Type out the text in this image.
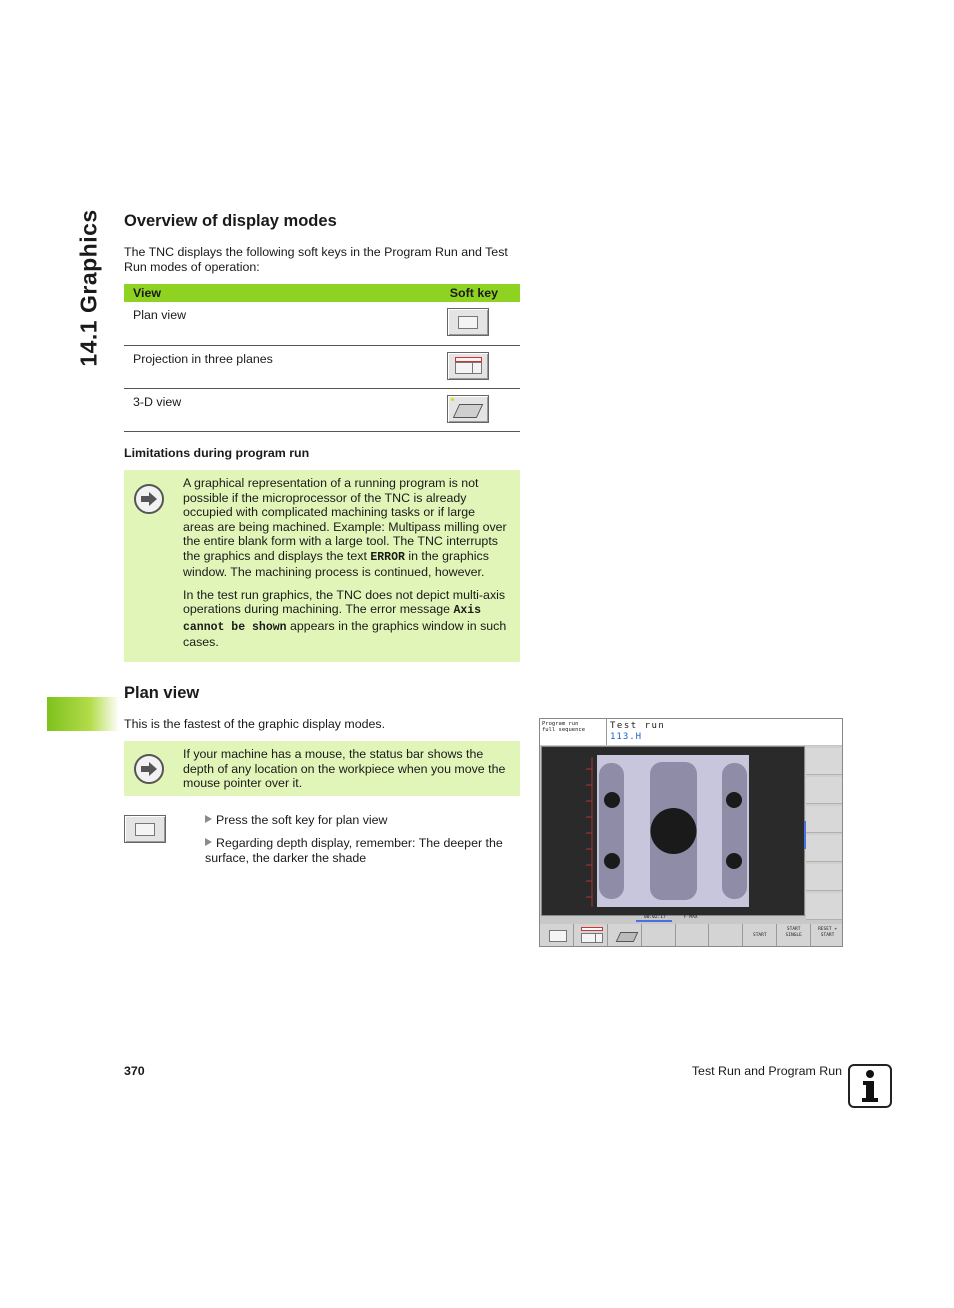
14.1 Graphics Overview of display modes
The TNC displays the following soft keys in the Program Run and Test Run modes of operation:
View	Soft key
Plan view	

Projection in three planes	

3-D view	
Limitations during program run

A graphical representation of a running program is not possible if the microprocessor of the TNC is already occupied with complicated machining tasks or if large areas are being machined. Example: Multipass milling over the entire blank form with a large tool. The TNC interrupts the graphics and displays the text ERROR in the graphics window. The machining process is continued, however.

In the test run graphics, the TNC does not depict multi-axis operations during machining. The error message Axis cannot be shown appears in the graphics window in such cases.

Plan view
This is the fastest of the graphic display modes.
If your machine has a mouse, the status bar shows the depth of any location on the workpiece when you move the mouse pointer over it.
Press the soft key for plan view
Regarding depth display, remember: The deeper the surface, the darker the shade
Program run
full sequence	Test run
113.H
00:02:17	F MAX
START
START SINGLE
RESET + START
370	Test Run and Program Run
